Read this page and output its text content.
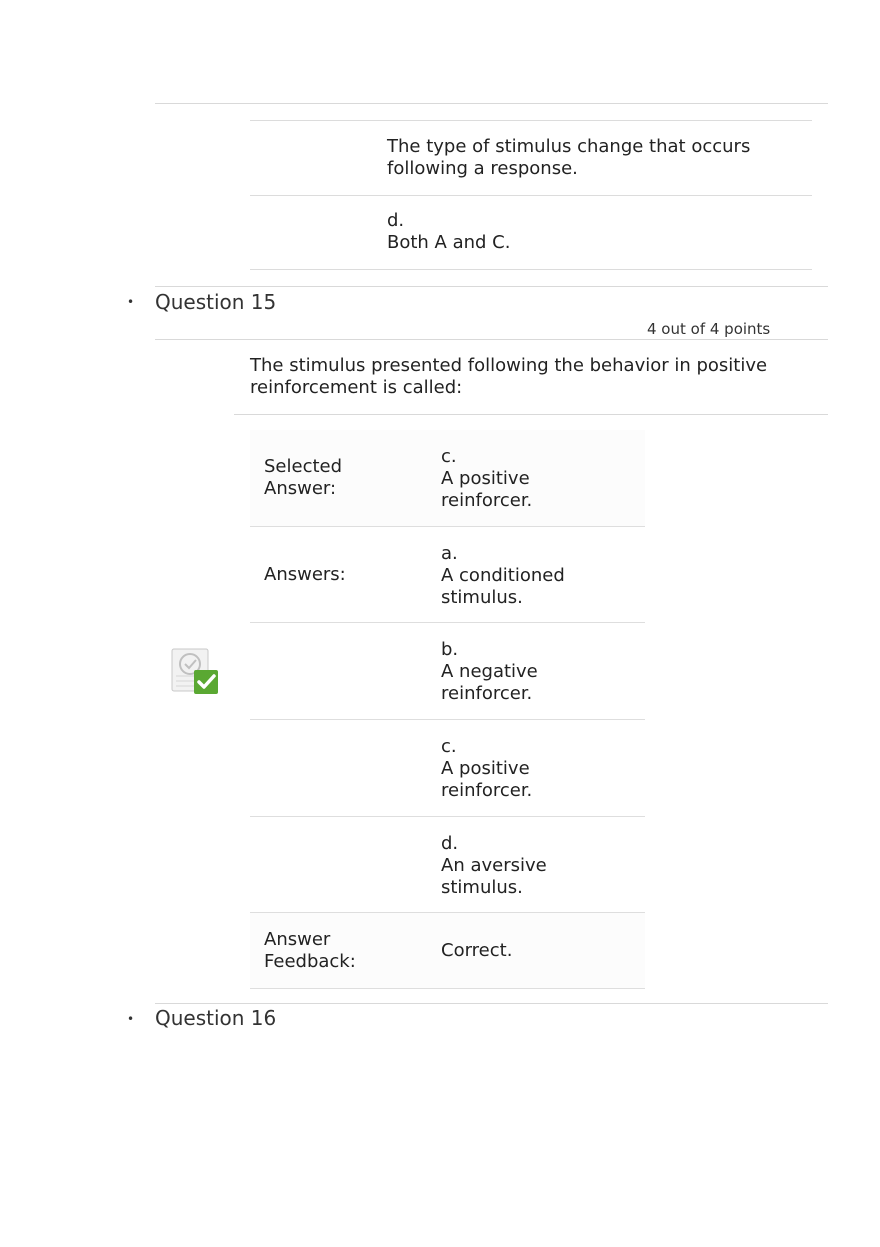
The type of stimulus change that occurs following a response.
d.
Both A and C.
• Question 15
4 out of 4 points
The stimulus presented following the behavior in positive reinforcement is called:
Selected Answer:
c.
A positive reinforcer.
Answers:
a.
A conditioned stimulus.
b.
A negative reinforcer.
c.
A positive reinforcer.
d.
An aversive stimulus.
Answer Feedback:
Correct.
• Question 16
